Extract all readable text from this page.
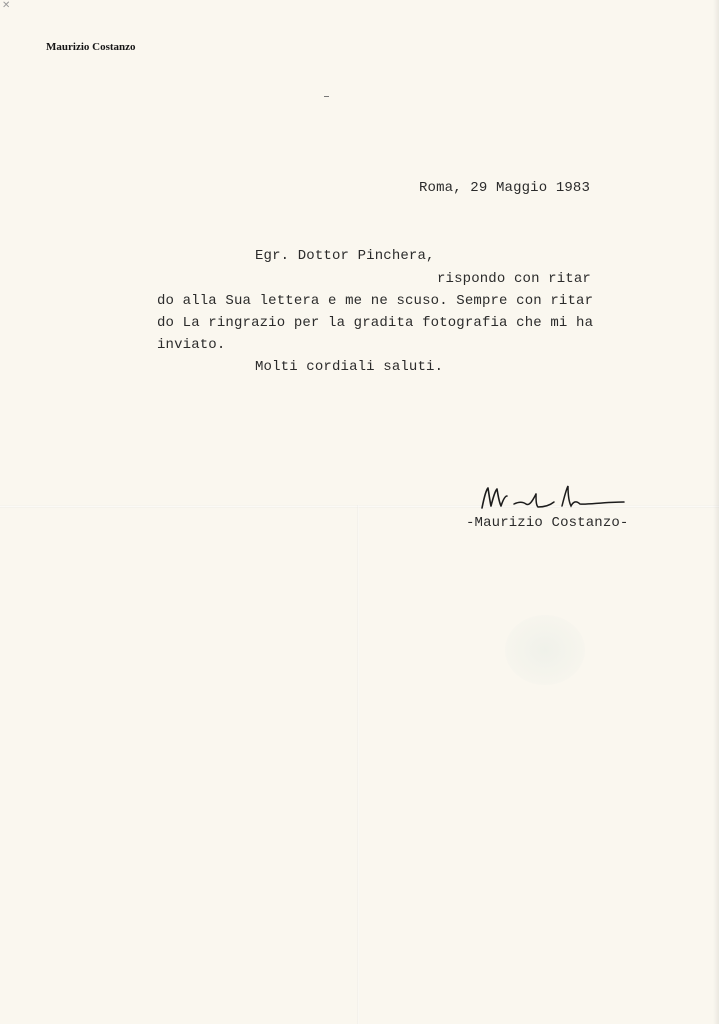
✕
Maurizio Costanzo
Roma, 29 Maggio 1983
Egr. Dottor Pinchera,
rispondo con ritar
do alla Sua lettera e me ne scuso. Sempre con ritar
do La ringrazio per la gradita fotografia che mi ha
inviato.
Molti cordiali saluti.
-Maurizio Costanzo-
